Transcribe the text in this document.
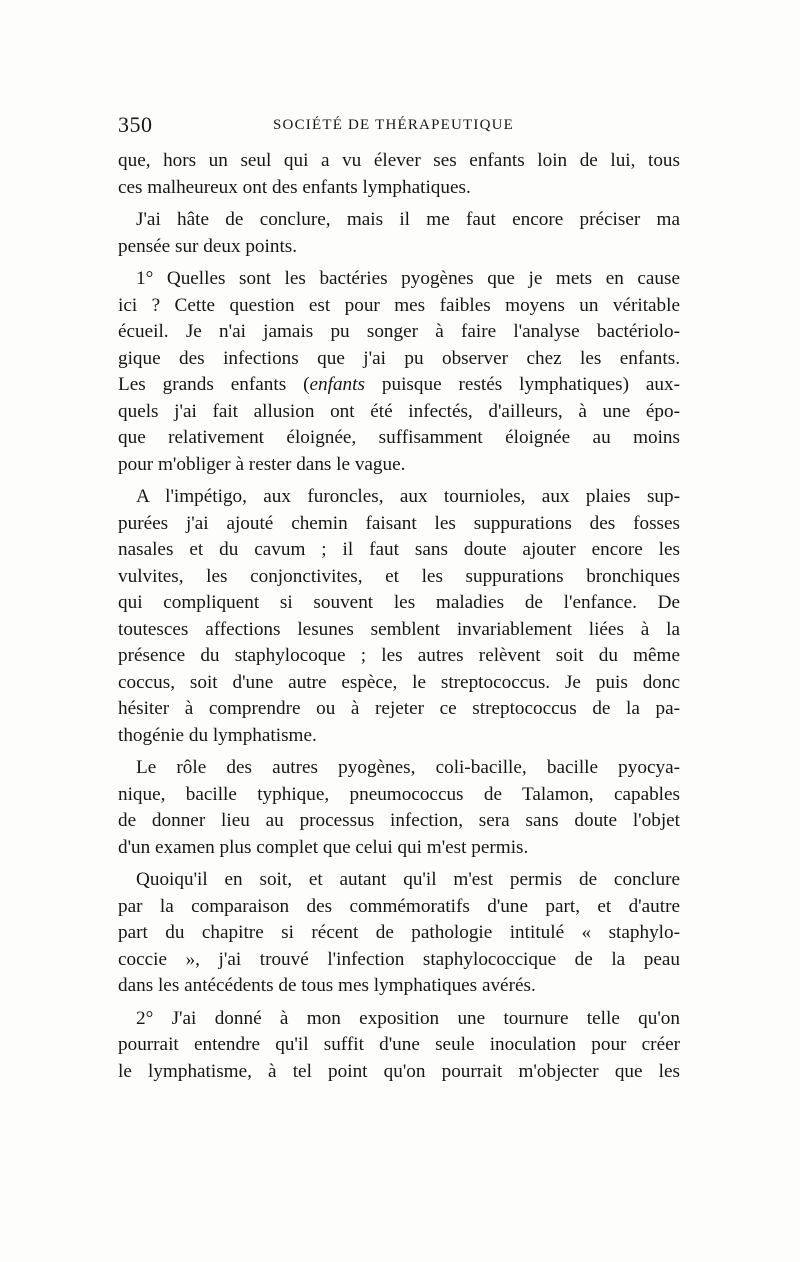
350	SOCIÉTÉ DE THÉRAPEUTIQUE

que, hors un seul qui a vu élever ses enfants loin de lui, tous
ces malheureux ont des enfants lymphatiques.

J'ai hâte de conclure, mais il me faut encore préciser ma
pensée sur deux points.

1° Quelles sont les bactéries pyogènes que je mets en cause
ici ? Cette question est pour mes faibles moyens un véritable
écueil. Je n'ai jamais pu songer à faire l'analyse bactériolo-
gique des infections que j'ai pu observer chez les enfants.
Les grands enfants (enfants puisque restés lymphatiques) aux-
quels j'ai fait allusion ont été infectés, d'ailleurs, à une épo-
que relativement éloignée, suffisamment éloignée au moins
pour m'obliger à rester dans le vague.

A l'impétigo, aux furoncles, aux tournioles, aux plaies sup-
purées j'ai ajouté chemin faisant les suppurations des fosses
nasales et du cavum ; il faut sans doute ajouter encore les
vulvites, les conjonctivites, et les suppurations bronchiques
qui compliquent si souvent les maladies de l'enfance. De
toutesces affections lesunes semblent invariablement liées à la
présence du staphylocoque ; les autres relèvent soit du même
coccus, soit d'une autre espèce, le streptococcus. Je puis donc
hésiter à comprendre ou à rejeter ce streptococcus de la pa-
thogénie du lymphatisme.

Le rôle des autres pyogènes, coli-bacille, bacille pyocya-
nique, bacille typhique, pneumococcus de Talamon, capables
de donner lieu au processus infection, sera sans doute l'objet
d'un examen plus complet que celui qui m'est permis.

Quoiqu'il en soit, et autant qu'il m'est permis de conclure
par la comparaison des commémoratifs d'une part, et d'autre
part du chapitre si récent de pathologie intitulé « staphylo-
coccie », j'ai trouvé l'infection staphylococcique de la peau
dans les antécédents de tous mes lymphatiques avérés.

2° J'ai donné à mon exposition une tournure telle qu'on
pourrait entendre qu'il suffit d'une seule inoculation pour créer
le lymphatisme, à tel point qu'on pourrait m'objecter que les
